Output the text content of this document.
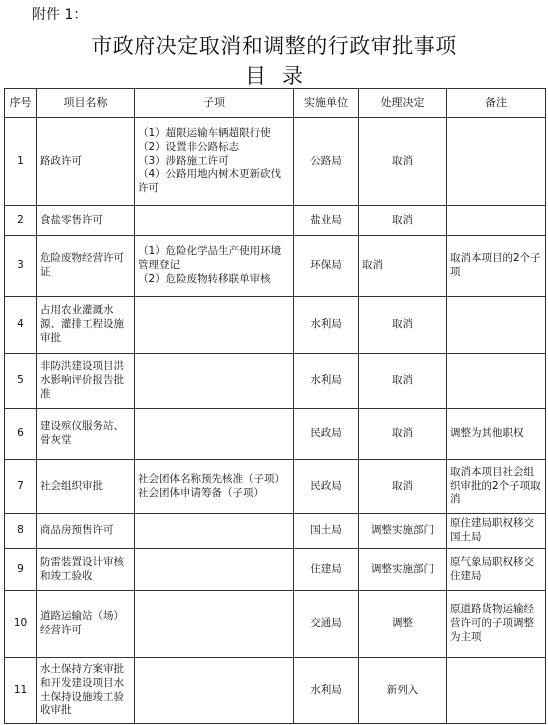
附件 1：
市政府决定取消和调整的行政审批事项
目录
序号	项目名称	子项	实施单位	处理决定	备注
1	路政许可	（1）超限运输车辆超限行使
（2）设置非公路标志
（3）涉路施工许可
（4）公路用地内树木更新砍伐许可	公路局	取消	
2	食盐零售许可		盐业局	取消	
3	危险废物经营许可证	（1）危险化学品生产使用环境管理登记
（2）危险废物转移联单审核	环保局	取消	取消本项目的2个子项
4	占用农业灌溉水源、灌排工程设施审批		水利局	取消	
5	非防洪建设项目洪水影响评价报告批准		水利局	取消	
6	建设殡仪服务站、骨灰堂		民政局	取消	调整为其他职权
7	社会组织审批	社会团体名称预先核准（子项）
社会团体申请筹备（子项）	民政局	取消	取消本项目社会组织审批的2个子项取消
8	商品房预售许可		国土局	调整实施部门	原住建局职权移交国土局
9	防雷装置设计审核和竣工验收		住建局	调整实施部门	原气象局职权移交住建局
10	道路运输站（场）经营许可		交通局	调整	原道路货物运输经营许可的子项调整为主项
11	水土保持方案审批和开发建设项目水土保持设施竣工验收审批		水利局	新列入	
